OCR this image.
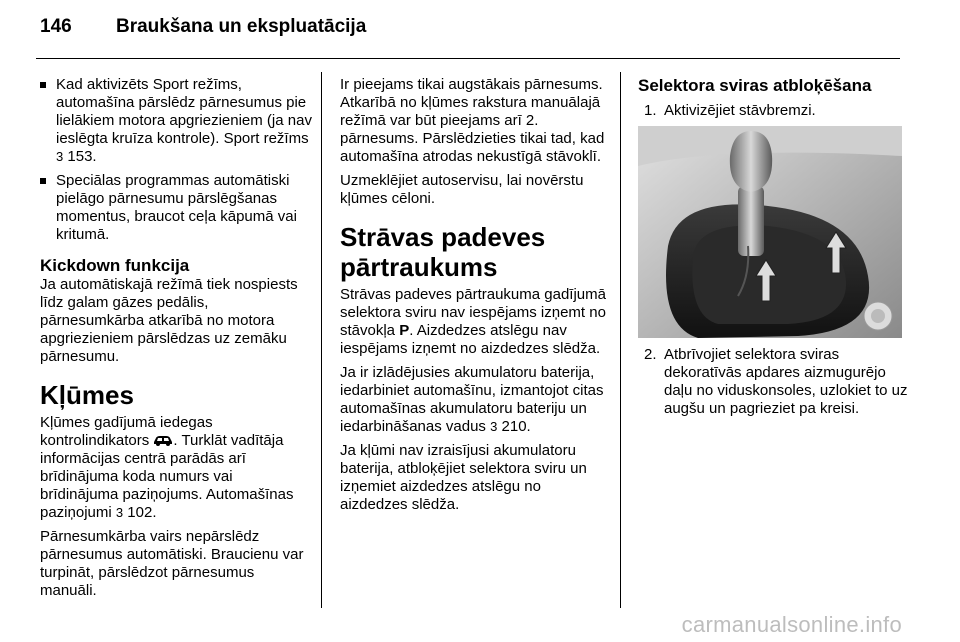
146	Braukšana un ekspluatācija
Kad aktivizēts Sport režīms, automašīna pārslēdz pārnesumus pie lielākiem motora apgriezieniem (ja nav ieslēgta kruīza kontrole). Sport režīms 3 153.
Speciālas programmas automātiski pielāgo pārnesumu pārslēgšanas momentus, braucot ceļa kāpumā vai kritumā.
Kickdown funkcija

Ja automātiskajā režīmā tiek nospiests līdz galam gāzes pedālis, pārnesumkārba atkarībā no motora apgriezieniem pārslēdzas uz zemāku pārnesumu.

Kļūmes

Kļūmes gadījumā iedegas kontrolindikators . Turklāt vadītāja informācijas centrā parādās arī brīdinājuma koda numurs vai brīdinājuma paziņojums. Automašīnas paziņojumi 3 102.

Pārnesumkārba vairs nepārslēdz pārnesumus automātiski. Braucienu var turpināt, pārslēdzot pārnesumus manuāli.

Ir pieejams tikai augstākais pārnesums. Atkarībā no kļūmes rakstura manuālajā režīmā var būt pieejams arī 2. pārnesums. Pārslēdzieties tikai tad, kad automašīna atrodas nekustīgā stāvoklī.

Uzmeklējiet autoservisu, lai novērstu kļūmes cēloni.

Strāvas padeves pārtraukums

Strāvas padeves pārtraukuma gadījumā selektora sviru nav iespējams izņemt no stāvokļa P. Aizdedzes atslēgu nav iespējams izņemt no aizdedzes slēdža.

Ja ir izlādējusies akumulatoru baterija, iedarbiniet automašīnu, izmantojot citas automašīnas akumulatoru bateriju un iedarbināšanas vadus 3 210.

Ja kļūmi nav izraisījusi akumulatoru baterija, atbloķējiet selektora sviru un izņemiet aizdedzes atslēgu no aizdedzes slēdža.

Selektora sviras atbloķēšana
1. Aktivizējiet stāvbremzi.
2. Atbrīvojiet selektora sviras dekoratīvās apdares aizmugurējo daļu no viduskonsoles, uzlokiet to uz augšu un pagrieziet pa kreisi.
carmanualsonline.info
